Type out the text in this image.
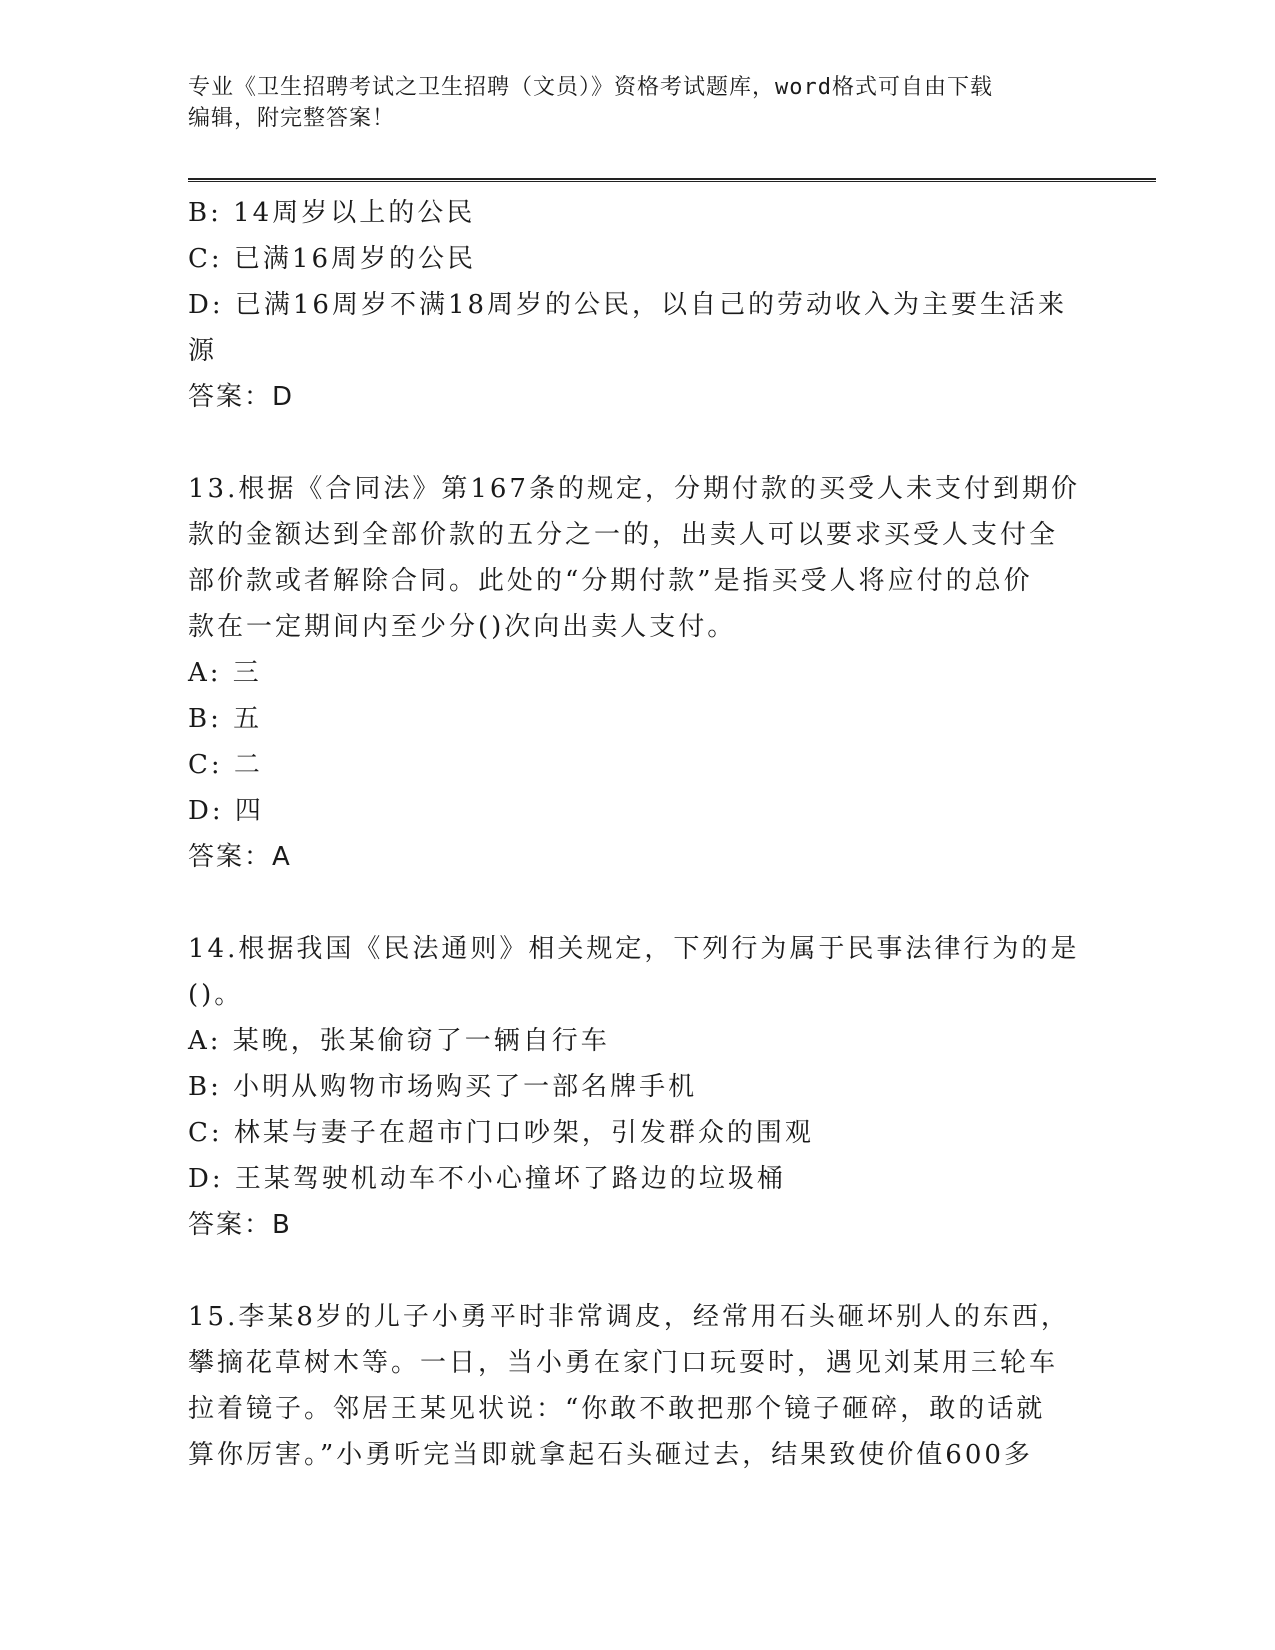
专业《卫生招聘考试之卫生招聘（文员）》资格考试题库，word格式可自由下载
编辑，附完整答案！
B: 14周岁以上的公民
C: 已满16周岁的公民
D: 已满16周岁不满18周岁的公民，以自己的劳动收入为主要生活来
源
答案：D
13.根据《合同法》第167条的规定，分期付款的买受人未支付到期价
款的金额达到全部价款的五分之一的，出卖人可以要求买受人支付全
部价款或者解除合同。此处的“分期付款”是指买受人将应付的总价
款在一定期间内至少分()次向出卖人支付。
A: 三
B: 五
C: 二
D: 四
答案：A
14.根据我国《民法通则》相关规定，下列行为属于民事法律行为的是
()。
A: 某晚，张某偷窃了一辆自行车
B: 小明从购物市场购买了一部名牌手机
C: 林某与妻子在超市门口吵架，引发群众的围观
D: 王某驾驶机动车不小心撞坏了路边的垃圾桶
答案：B
15.李某8岁的儿子小勇平时非常调皮，经常用石头砸坏别人的东西，
攀摘花草树木等。一日，当小勇在家门口玩耍时，遇见刘某用三轮车
拉着镜子。邻居王某见状说：“你敢不敢把那个镜子砸碎，敢的话就
算你厉害。”小勇听完当即就拿起石头砸过去，结果致使价值600多
